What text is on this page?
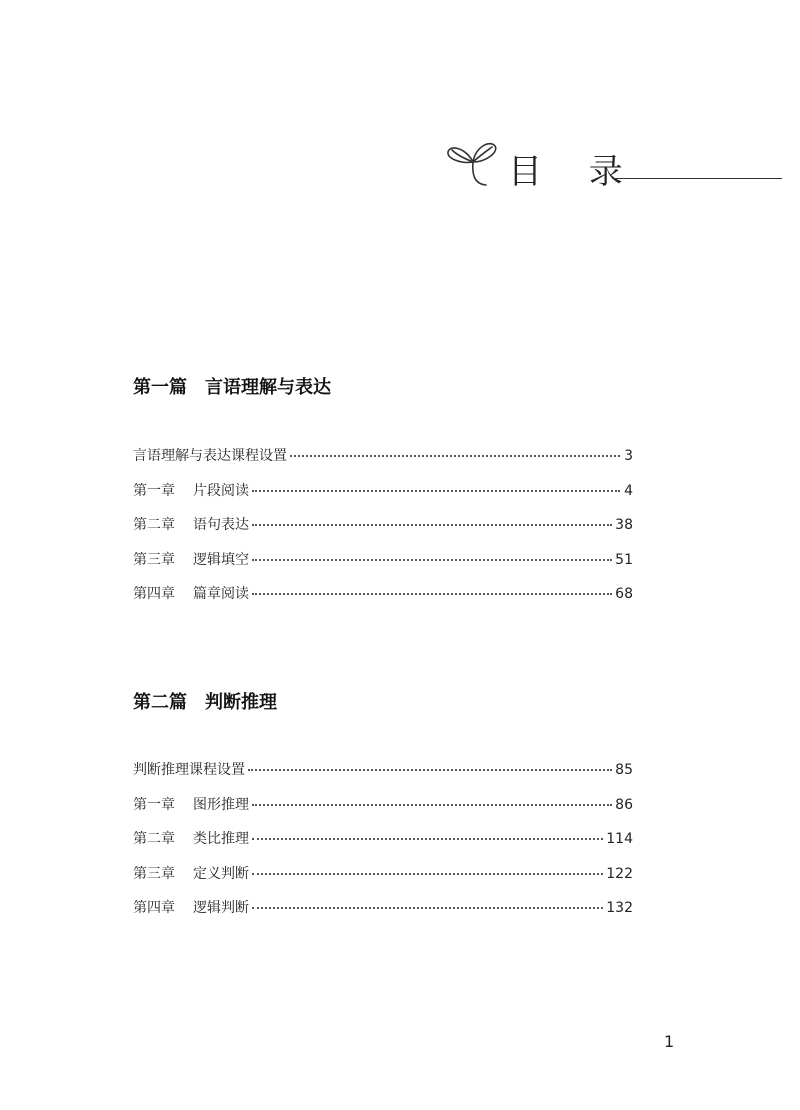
目 录
第一篇 言语理解与表达
言语理解与表达课程设置	3
第一章	片段阅读	4
第二章	语句表达	38
第三章	逻辑填空	51
第四章	篇章阅读	68
第二篇 判断推理
判断推理课程设置	85
第一章	图形推理	86
第二章	类比推理	114
第三章	定义判断	122
第四章	逻辑判断	132
1
